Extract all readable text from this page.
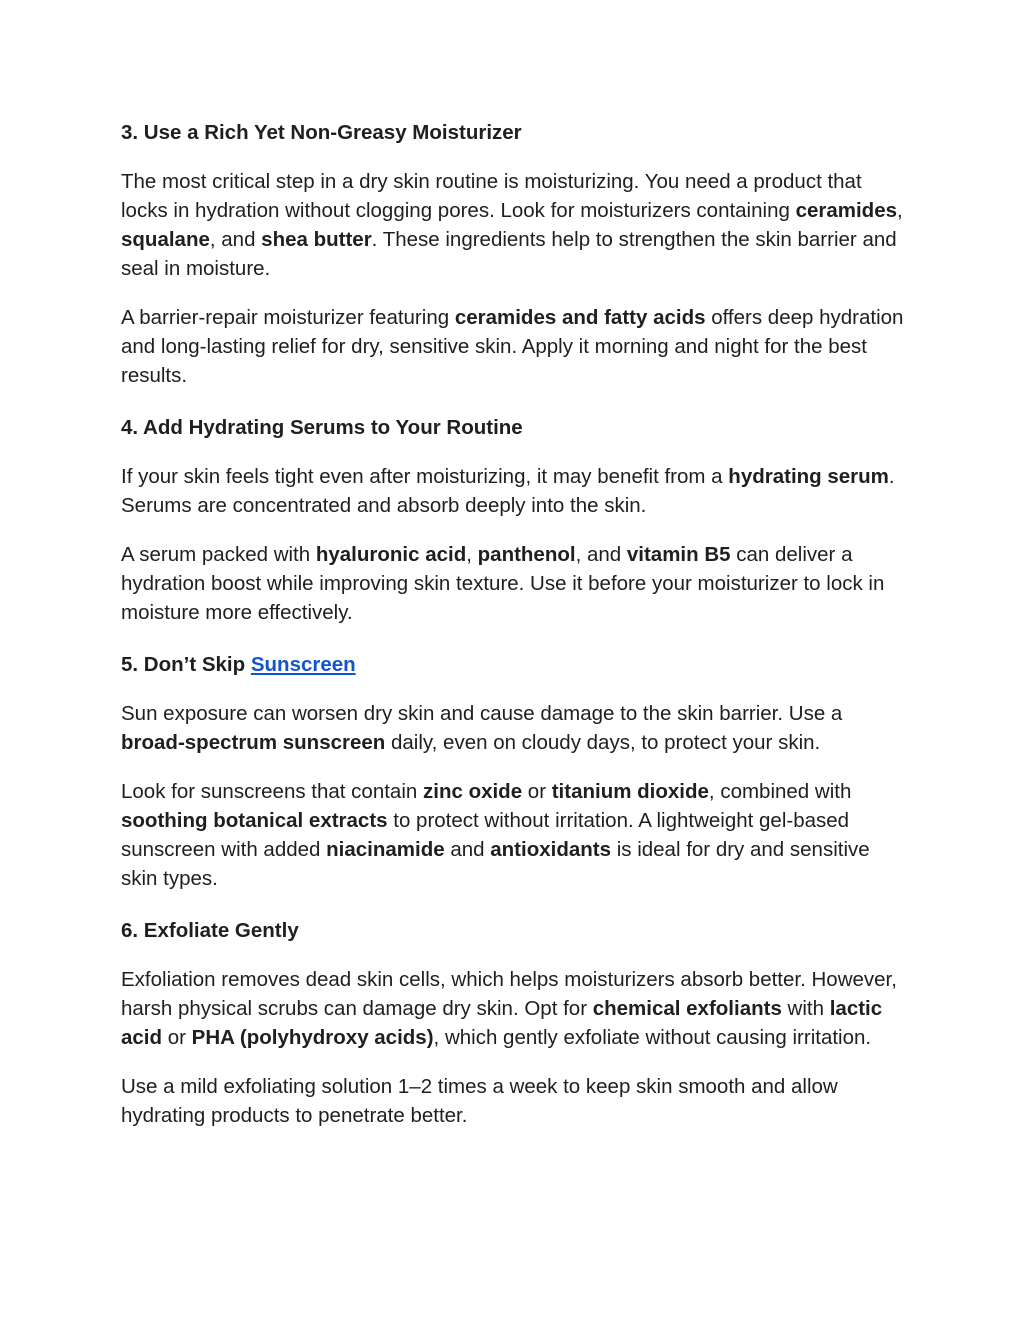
3. Use a Rich Yet Non-Greasy Moisturizer

The most critical step in a dry skin routine is moisturizing. You need a product that locks in hydration without clogging pores. Look for moisturizers containing ceramides, squalane, and shea butter. These ingredients help to strengthen the skin barrier and seal in moisture.

A barrier-repair moisturizer featuring ceramides and fatty acids offers deep hydration and long-lasting relief for dry, sensitive skin. Apply it morning and night for the best results.

4. Add Hydrating Serums to Your Routine

If your skin feels tight even after moisturizing, it may benefit from a hydrating serum. Serums are concentrated and absorb deeply into the skin.

A serum packed with hyaluronic acid, panthenol, and vitamin B5 can deliver a hydration boost while improving skin texture. Use it before your moisturizer to lock in moisture more effectively.

5. Don’t Skip Sunscreen

Sun exposure can worsen dry skin and cause damage to the skin barrier. Use a broad-spectrum sunscreen daily, even on cloudy days, to protect your skin.

Look for sunscreens that contain zinc oxide or titanium dioxide, combined with soothing botanical extracts to protect without irritation. A lightweight gel-based sunscreen with added niacinamide and antioxidants is ideal for dry and sensitive skin types.

6. Exfoliate Gently

Exfoliation removes dead skin cells, which helps moisturizers absorb better. However, harsh physical scrubs can damage dry skin. Opt for chemical exfoliants with lactic acid or PHA (polyhydroxy acids), which gently exfoliate without causing irritation.

Use a mild exfoliating solution 1–2 times a week to keep skin smooth and allow hydrating products to penetrate better.
